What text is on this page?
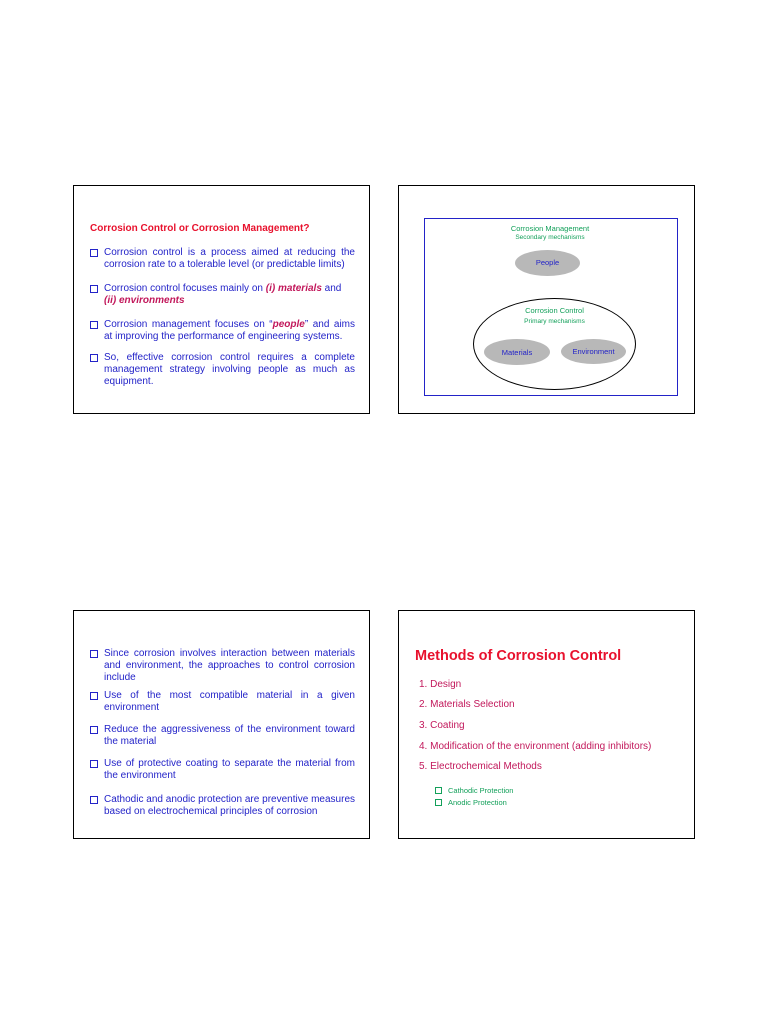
Corrosion Control or Corrosion Management?
Corrosion control is a process aimed at reducing the corrosion rate to a tolerable level (or predictable limits)
Corrosion control focuses mainly on (i) materials and (ii) environments
Corrosion management focuses on “people” and aims at improving the performance of engineering systems.
So, effective corrosion control requires a complete management strategy involving people as much as equipment.
Corrosion Management
Secondary mechanisms
People
Corrosion Control
Primary mechanisms
Materials	Environment
Since corrosion involves interaction between materials and environment, the approaches to control corrosion include
Use of the most compatible material in a given environment
Reduce the aggressiveness of the environment toward the material
Use of protective coating to separate the material from the environment
Cathodic and anodic protection are preventive measures based on electrochemical principles of corrosion
Methods of Corrosion Control
1. Design
2. Materials Selection
3. Coating
4. Modification of the environment (adding inhibitors)
5. Electrochemical Methods
Cathodic Protection
Anodic Protection
